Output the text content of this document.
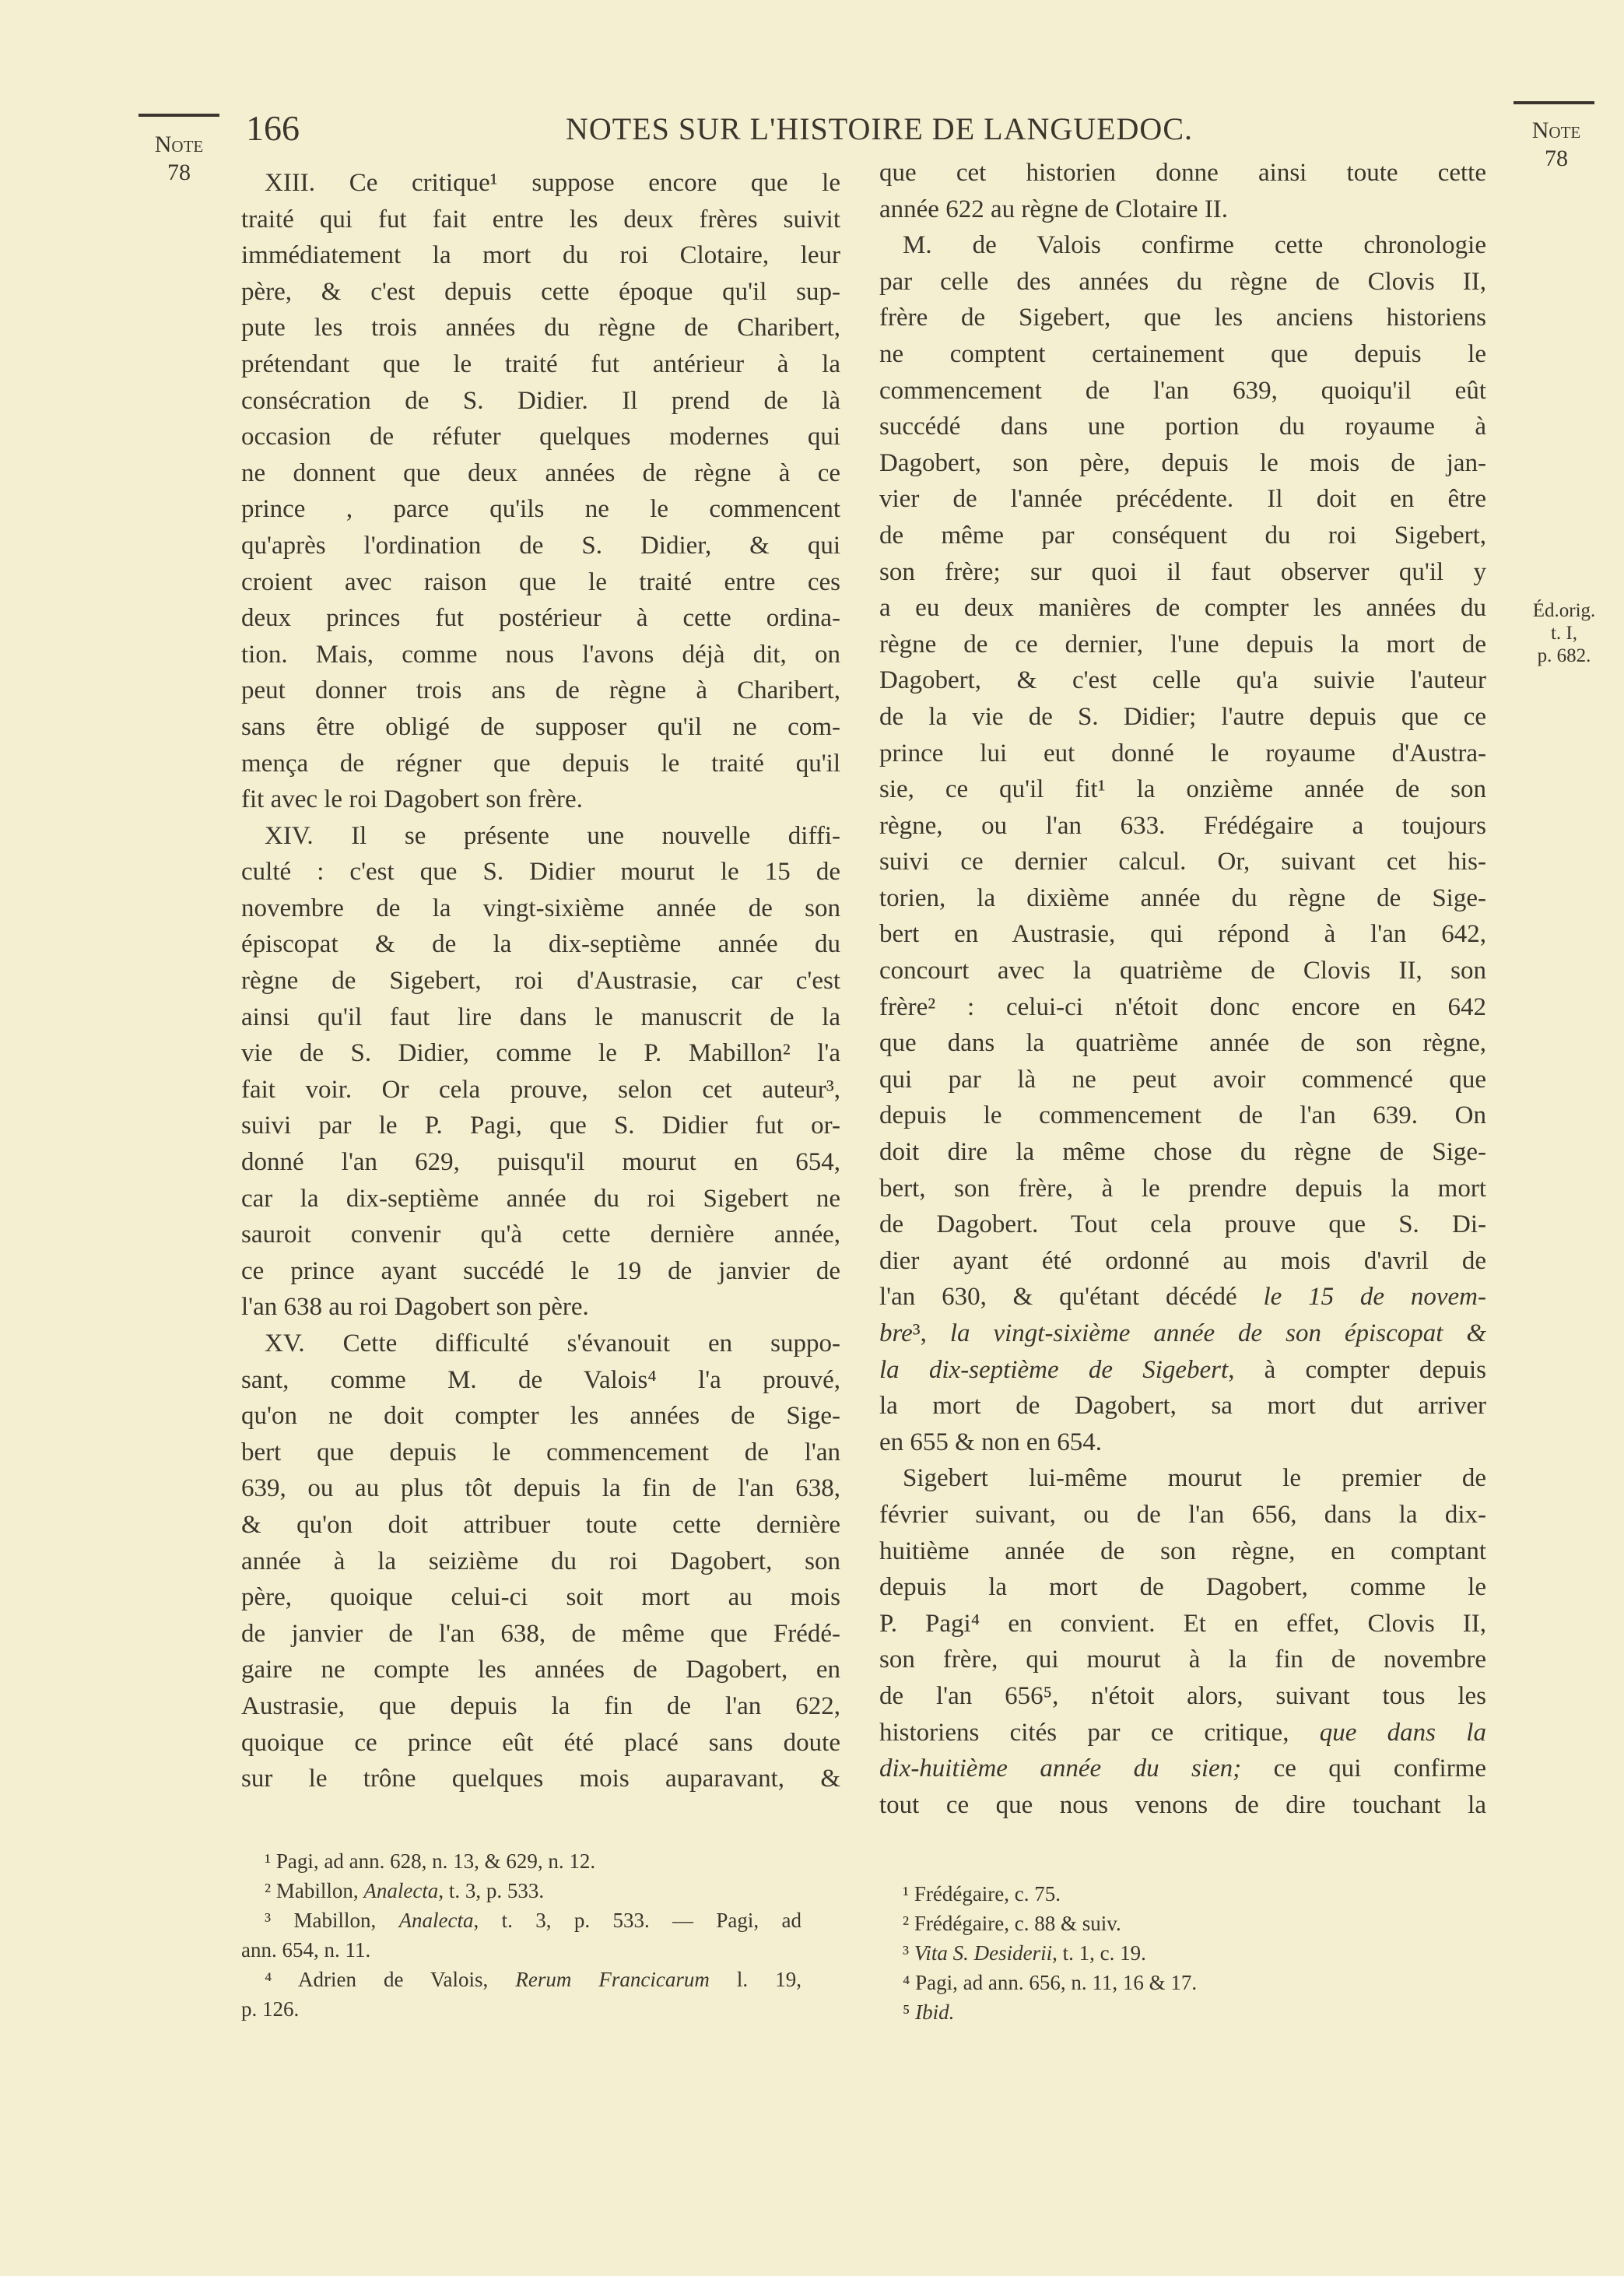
Note
78
166	NOTES SUR L'HISTOIRE DE LANGUEDOC.	Note
78
Éd.orig.
t. I,
p. 682.
XIII. Ce critique¹ suppose encore que le
traité qui fut fait entre les deux frères suivit
immédiatement la mort du roi Clotaire, leur
père, & c'est depuis cette époque qu'il sup-
pute les trois années du règne de Charibert,
prétendant que le traité fut antérieur à la
consécration de S. Didier. Il prend de là
occasion de réfuter quelques modernes qui
ne donnent que deux années de règne à ce
prince , parce qu'ils ne le commencent
qu'après l'ordination de S. Didier, & qui
croient avec raison que le traité entre ces
deux princes fut postérieur à cette ordina-
tion. Mais, comme nous l'avons déjà dit, on
peut donner trois ans de règne à Charibert,
sans être obligé de supposer qu'il ne com-
mença de régner que depuis le traité qu'il
fit avec le roi Dagobert son frère.
XIV. Il se présente une nouvelle diffi-
culté : c'est que S. Didier mourut le 15 de
novembre de la vingt-sixième année de son
épiscopat & de la dix-septième année du
règne de Sigebert, roi d'Austrasie, car c'est
ainsi qu'il faut lire dans le manuscrit de la
vie de S. Didier, comme le P. Mabillon² l'a
fait voir. Or cela prouve, selon cet auteur³,
suivi par le P. Pagi, que S. Didier fut or-
donné l'an 629, puisqu'il mourut en 654,
car la dix-septième année du roi Sigebert ne
sauroit convenir qu'à cette dernière année,
ce prince ayant succédé le 19 de janvier de
l'an 638 au roi Dagobert son père.
XV. Cette difficulté s'évanouit en suppo-
sant, comme M. de Valois⁴ l'a prouvé,
qu'on ne doit compter les années de Sige-
bert que depuis le commencement de l'an
639, ou au plus tôt depuis la fin de l'an 638,
& qu'on doit attribuer toute cette dernière
année à la seizième du roi Dagobert, son
père, quoique celui-ci soit mort au mois
de janvier de l'an 638, de même que Frédé-
gaire ne compte les années de Dagobert, en
Austrasie, que depuis la fin de l'an 622,
quoique ce prince eût été placé sans doute
sur le trône quelques mois auparavant, &
que cet historien donne ainsi toute cette
année 622 au règne de Clotaire II.
M. de Valois confirme cette chronologie
par celle des années du règne de Clovis II,
frère de Sigebert, que les anciens historiens
ne comptent certainement que depuis le
commencement de l'an 639, quoiqu'il eût
succédé dans une portion du royaume à
Dagobert, son père, depuis le mois de jan-
vier de l'année précédente. Il doit en être
de même par conséquent du roi Sigebert,
son frère; sur quoi il faut observer qu'il y
a eu deux manières de compter les années du
règne de ce dernier, l'une depuis la mort de
Dagobert, & c'est celle qu'a suivie l'auteur
de la vie de S. Didier; l'autre depuis que ce
prince lui eut donné le royaume d'Austra-
sie, ce qu'il fit¹ la onzième année de son
règne, ou l'an 633. Frédégaire a toujours
suivi ce dernier calcul. Or, suivant cet his-
torien, la dixième année du règne de Sige-
bert en Austrasie, qui répond à l'an 642,
concourt avec la quatrième de Clovis II, son
frère² : celui-ci n'étoit donc encore en 642
que dans la quatrième année de son règne,
qui par là ne peut avoir commencé que
depuis le commencement de l'an 639. On
doit dire la même chose du règne de Sige-
bert, son frère, à le prendre depuis la mort
de Dagobert. Tout cela prouve que S. Di-
dier ayant été ordonné au mois d'avril de
l'an 630, & qu'étant décédé le 15 de novem-
bre³, la vingt-sixième année de son épiscopat &
la dix-septième de Sigebert, à compter depuis
la mort de Dagobert, sa mort dut arriver
en 655 & non en 654.
Sigebert lui-même mourut le premier de
février suivant, ou de l'an 656, dans la dix-
huitième année de son règne, en comptant
depuis la mort de Dagobert, comme le
P. Pagi⁴ en convient. Et en effet, Clovis II,
son frère, qui mourut à la fin de novembre
de l'an 656⁵, n'étoit alors, suivant tous les
historiens cités par ce critique, que dans la
dix-huitième année du sien; ce qui confirme
tout ce que nous venons de dire touchant la
¹ Pagi, ad ann. 628, n. 13, & 629, n. 12.
² Mabillon, Analecta, t. 3, p. 533.
³ Mabillon, Analecta, t. 3, p. 533. — Pagi, ad
ann. 654, n. 11.
⁴ Adrien de Valois, Rerum Francicarum l. 19,
p. 126.
¹ Frédégaire, c. 75.
² Frédégaire, c. 88 & suiv.
³ Vita S. Desiderii, t. 1, c. 19.
⁴ Pagi, ad ann. 656, n. 11, 16 & 17.
⁵ Ibid.
